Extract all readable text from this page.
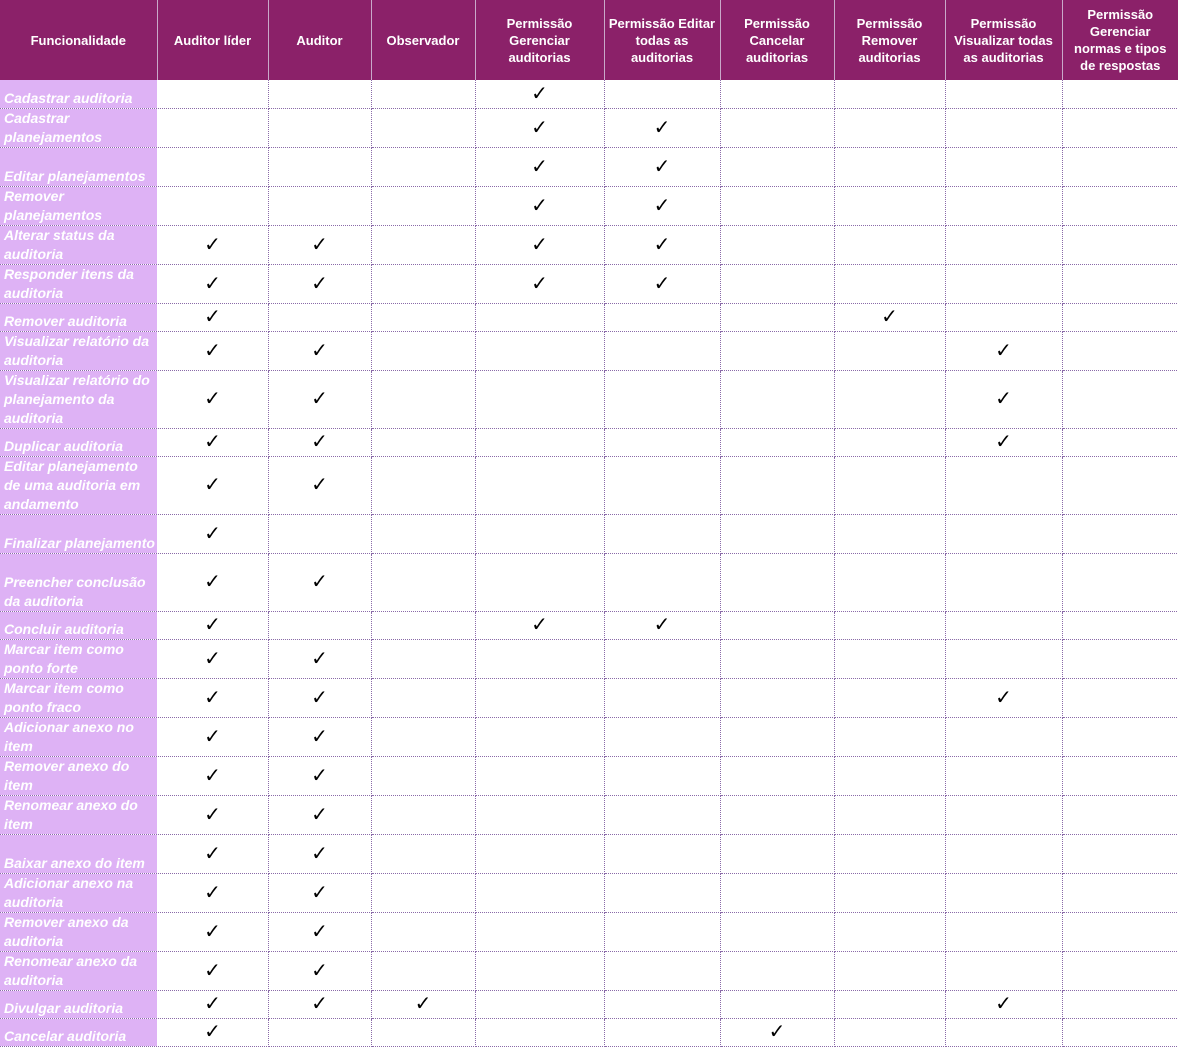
Funcionalidade	Auditor líder	Auditor	Observador	Permissão Gerenciar auditorias	Permissão Editar todas as auditorias	Permissão Cancelar auditorias	Permissão Remover auditorias	Permissão Visualizar todas as auditorias	Permissão Gerenciar normas e tipos de respostas
Cadastrar auditoria				✓					
Cadastrar planejamentos				✓	✓				
Editar planejamentos				✓	✓				
Remover planejamentos				✓	✓				
Alterar status da auditoria	✓	✓		✓	✓				
Responder itens da auditoria	✓	✓		✓	✓				
Remover auditoria	✓						✓		
Visualizar relatório da auditoria	✓	✓						✓	
Visualizar relatório do planejamento da auditoria	✓	✓						✓	
Duplicar auditoria	✓	✓						✓	
Editar planejamento de uma auditoria em andamento	✓	✓							
Finalizar planejamento	✓								
Preencher conclusão da auditoria	✓	✓							
Concluir auditoria	✓			✓	✓				
Marcar item como ponto forte	✓	✓							
Marcar item como ponto fraco	✓	✓						✓	
Adicionar anexo no item	✓	✓							
Remover anexo do item	✓	✓							
Renomear anexo do item	✓	✓							
Baixar anexo do item	✓	✓							
Adicionar anexo na auditoria	✓	✓							
Remover anexo da auditoria	✓	✓							
Renomear anexo da auditoria	✓	✓							
Divulgar auditoria	✓	✓	✓					✓	
Cancelar auditoria	✓					✓			
